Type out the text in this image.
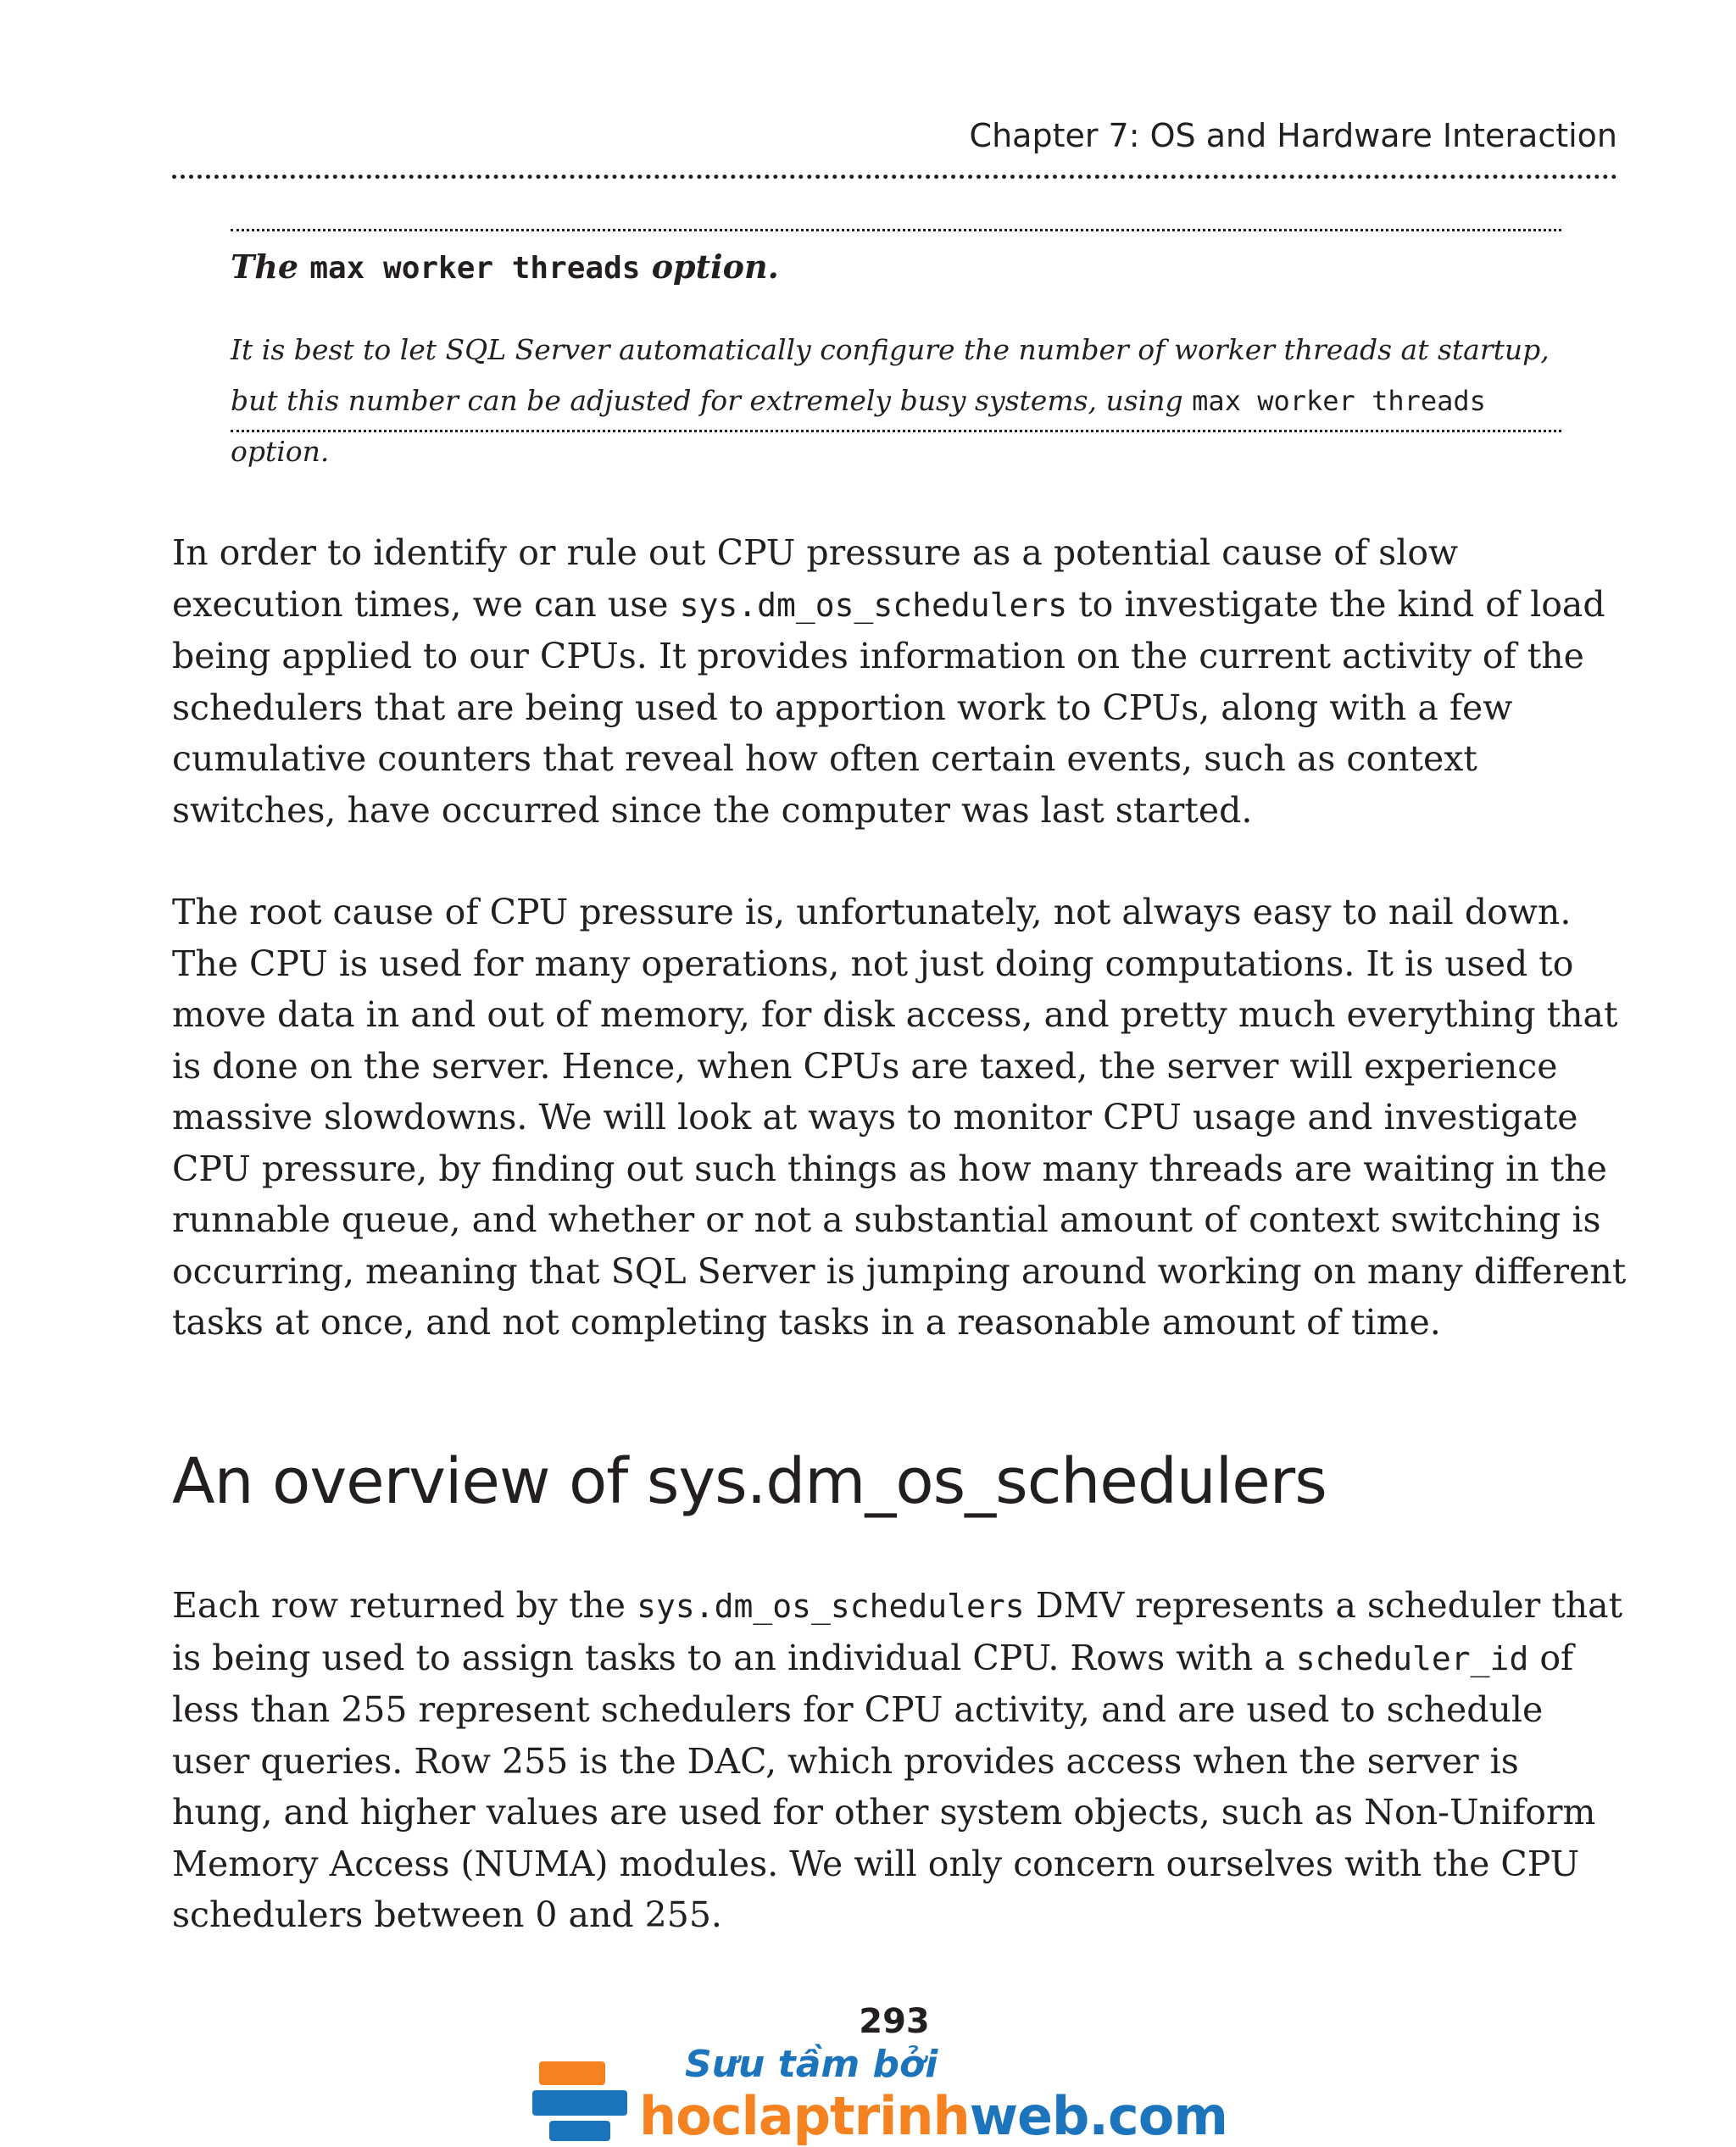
Chapter 7: OS and Hardware Interaction
The max worker threads option.
It is best to let SQL Server automatically configure the number of worker threads at startup, but this number can be adjusted for extremely busy systems, using max worker threads option.
In order to identify or rule out CPU pressure as a potential cause of slow execution times, we can use sys.dm_os_schedulers to investigate the kind of load being applied to our CPUs. It provides information on the current activity of the schedulers that are being used to apportion work to CPUs, along with a few cumulative counters that reveal how often certain events, such as context switches, have occurred since the computer was last started.
The root cause of CPU pressure is, unfortunately, not always easy to nail down. The CPU is used for many operations, not just doing computations. It is used to move data in and out of memory, for disk access, and pretty much everything that is done on the server. Hence, when CPUs are taxed, the server will experience massive slowdowns. We will look at ways to monitor CPU usage and investigate CPU pressure, by finding out such things as how many threads are waiting in the runnable queue, and whether or not a substantial amount of context switching is occurring, meaning that SQL Server is jumping around working on many different tasks at once, and not completing tasks in a reasonable amount of time.
An overview of sys.dm_os_schedulers
Each row returned by the sys.dm_os_schedulers DMV represents a scheduler that is being used to assign tasks to an individual CPU. Rows with a scheduler_id of less than 255 represent schedulers for CPU activity, and are used to schedule user queries. Row 255 is the DAC, which provides access when the server is hung, and higher values are used for other system objects, such as Non-Uniform Memory Access (NUMA) modules. We will only concern ourselves with the CPU schedulers between 0 and 255.
293
Sưu tầm bởi
hoclaptrinhweb.com
